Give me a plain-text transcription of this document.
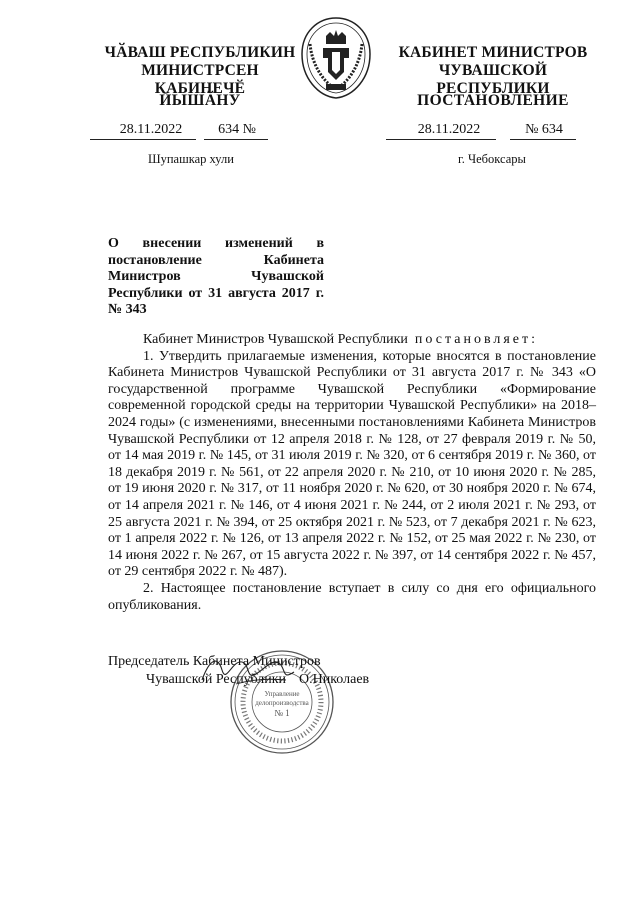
ЧӐВАШ РЕСПУБЛИКИН
МИНИСТРСЕН КАБИНЕЧӖ
ЙЫШӐНУ
КАБИНЕТ МИНИСТРОВ
ЧУВАШСКОЙ РЕСПУБЛИКИ
ПОСТАНОВЛЕНИЕ
28.11.2022	634 №	28.11.2022	№ 634
Шупашкар хули	г. Чебоксары
О внесении изменений в постановление Кабинета Министров Чувашской Республики от 31 августа 2017 г. № 343

Кабинет Министров Чувашской Республики постановляет:

1. Утвердить прилагаемые изменения, которые вносятся в постановление Кабинета Министров Чувашской Республики от 31 августа 2017 г. № 343 «О государственной программе Чувашской Республики «Формирование современной городской среды на территории Чувашской Республики» на 2018–2024 годы» (с изменениями, внесенными постановлениями Кабинета Министров Чувашской Республики от 12 апреля 2018 г. № 128, от 27 февраля 2019 г. № 50, от 14 мая 2019 г. № 145, от 31 июля 2019 г. № 320, от 6 сентября 2019 г. № 360, от 18 декабря 2019 г. № 561, от 22 апреля 2020 г. № 210, от 10 июня 2020 г. № 285, от 19 июня 2020 г. № 317, от 11 ноября 2020 г. № 620, от 30 ноября 2020 г. № 674, от 14 апреля 2021 г. № 146, от 4 июня 2021 г. № 244, от 2 июля 2021 г. № 293, от 25 августа 2021 г. № 394, от 25 октября 2021 г. № 523, от 7 декабря 2021 г. № 623, от 1 апреля 2022 г. № 126, от 13 апреля 2022 г. № 152, от 25 мая 2022 г. № 230, от 14 июня 2022 г. № 267, от 15 августа 2022 г. № 397, от 14 сентября 2022 г. № 457, от 29 сентября 2022 г. № 487).

2. Настоящее постановление вступает в силу со дня его официального опубликования.

Управление
делопроизводства
№ 1
Председатель Кабинета Министров
Чувашской Республики О.Николаев
